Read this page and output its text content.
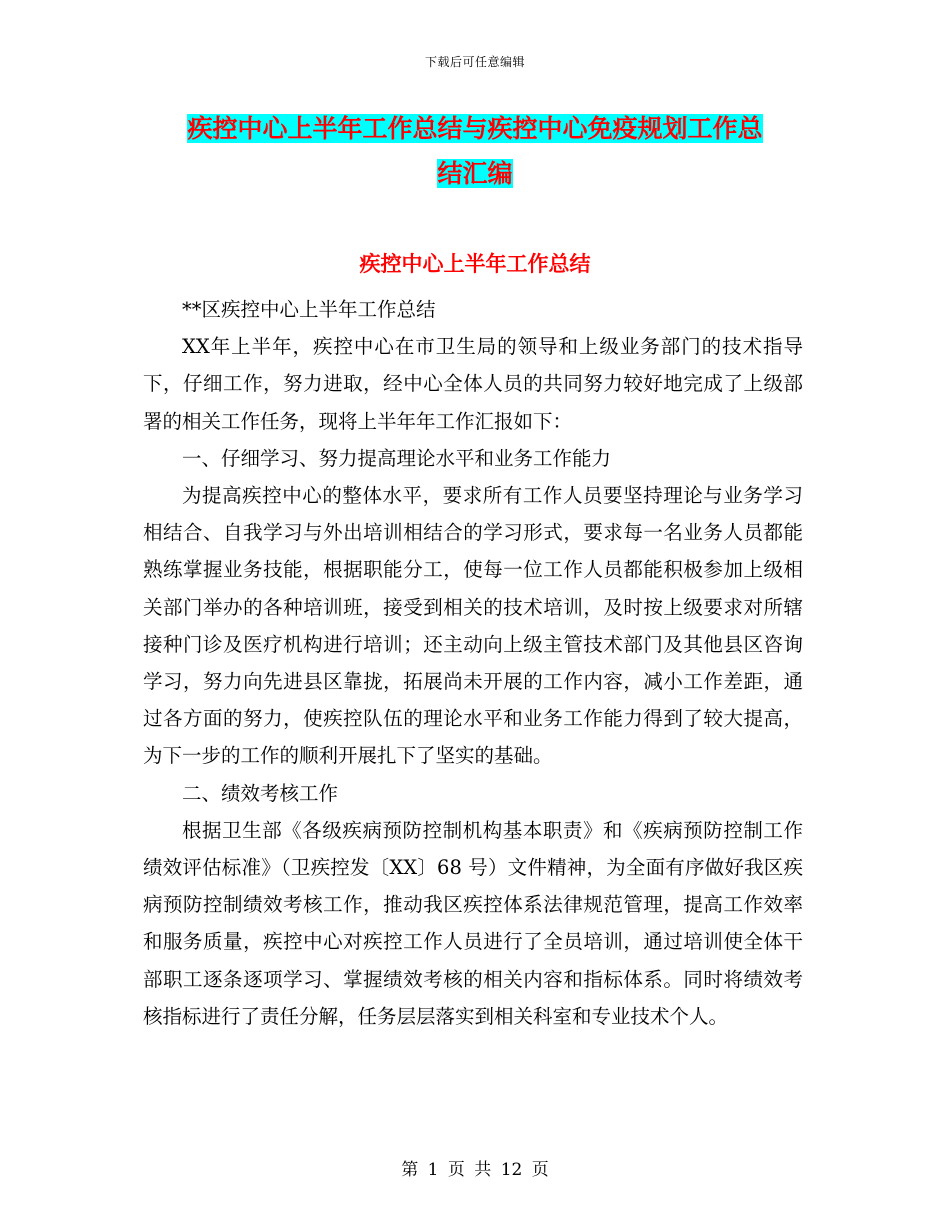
下载后可任意编辑
疾控中心上半年工作总结与疾控中心免疫规划工作总
结汇编
疾控中心上半年工作总结

**区疾控中心上半年工作总结

XX年上半年，疾控中心在市卫生局的领导和上级业务部门的技术指导下，仔细工作，努力进取，经中心全体人员的共同努力较好地完成了上级部署的相关工作任务，现将上半年年工作汇报如下：

一、仔细学习、努力提高理论水平和业务工作能力

为提高疾控中心的整体水平，要求所有工作人员要坚持理论与业务学习相结合、自我学习与外出培训相结合的学习形式，要求每一名业务人员都能熟练掌握业务技能，根据职能分工，使每一位工作人员都能积极参加上级相关部门举办的各种培训班，接受到相关的技术培训，及时按上级要求对所辖接种门诊及医疗机构进行培训；还主动向上级主管技术部门及其他县区咨询学习，努力向先进县区靠拢，拓展尚未开展的工作内容，减小工作差距，通过各方面的努力，使疾控队伍的理论水平和业务工作能力得到了较大提高，为下一步的工作的顺利开展扎下了坚实的基础。

二、绩效考核工作

根据卫生部《各级疾病预防控制机构基本职责》和《疾病预防控制工作绩效评估标准》（卫疾控发〔XX〕68 号）文件精神，为全面有序做好我区疾病预防控制绩效考核工作，推动我区疾控体系法律规范管理，提高工作效率和服务质量，疾控中心对疾控工作人员进行了全员培训，通过培训使全体干部职工逐条逐项学习、掌握绩效考核的相关内容和指标体系。同时将绩效考核指标进行了责任分解，任务层层落实到相关科室和专业技术个人。

第 1 页 共 12 页
